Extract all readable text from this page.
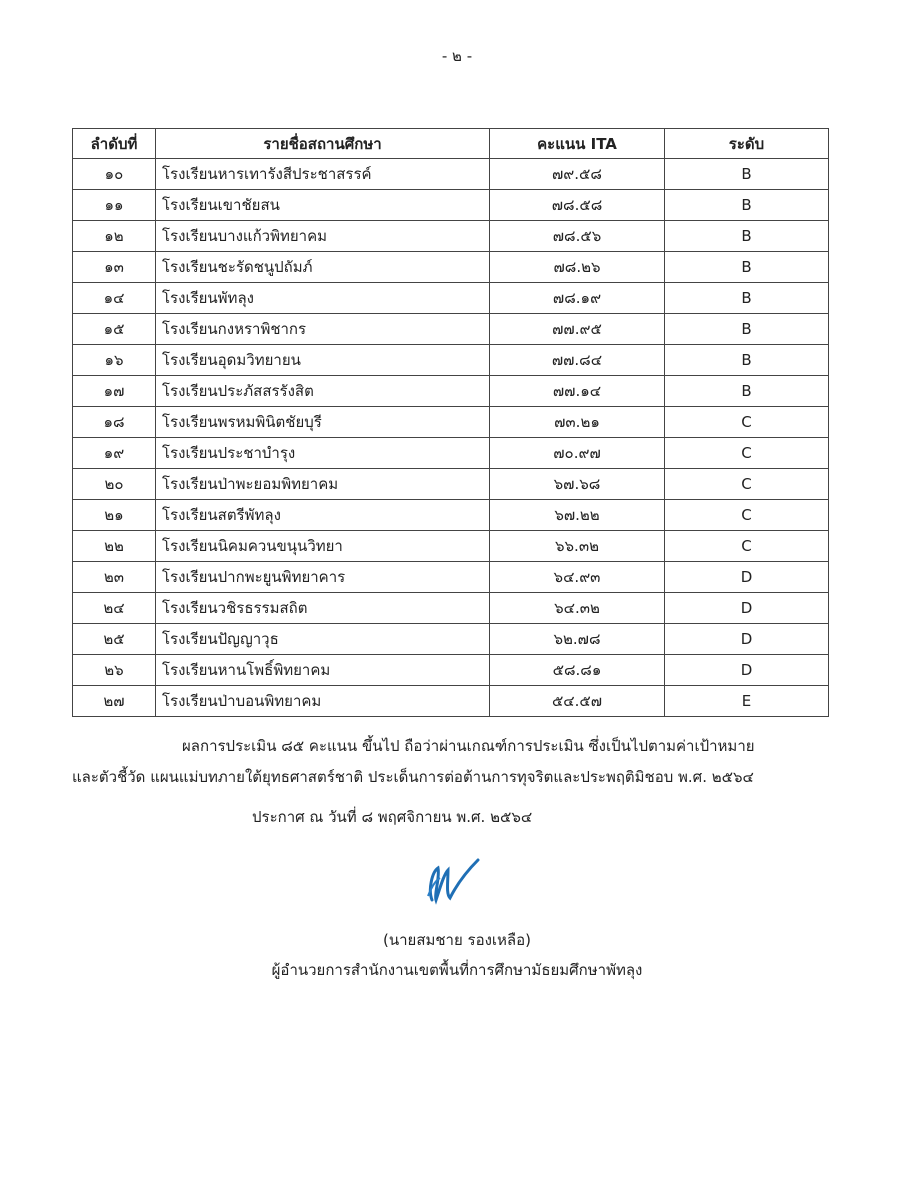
- ๒ -
ลำดับที่	รายชื่อสถานศึกษา	คะแนน ITA	ระดับ
๑๐	โรงเรียนหารเทารังสีประชาสรรค์	๗๙.๕๘	B
๑๑	โรงเรียนเขาชัยสน	๗๘.๕๘	B
๑๒	โรงเรียนบางแก้วพิทยาคม	๗๘.๕๖	B
๑๓	โรงเรียนชะรัดชนูปถัมภ์	๗๘.๒๖	B
๑๔	โรงเรียนพัทลุง	๗๘.๑๙	B
๑๕	โรงเรียนกงหราพิชากร	๗๗.๙๕	B
๑๖	โรงเรียนอุดมวิทยายน	๗๗.๘๔	B
๑๗	โรงเรียนประภัสสรรังสิต	๗๗.๑๔	B
๑๘	โรงเรียนพรหมพินิตชัยบุรี	๗๓.๒๑	C
๑๙	โรงเรียนประชาบำรุง	๗๐.๙๗	C
๒๐	โรงเรียนป่าพะยอมพิทยาคม	๖๗.๖๘	C
๒๑	โรงเรียนสตรีพัทลุง	๖๗.๒๒	C
๒๒	โรงเรียนนิคมควนขนุนวิทยา	๖๖.๓๒	C
๒๓	โรงเรียนปากพะยูนพิทยาคาร	๖๔.๙๓	D
๒๔	โรงเรียนวชิรธรรมสถิต	๖๔.๓๒	D
๒๕	โรงเรียนปัญญาวุธ	๖๒.๗๘	D
๒๖	โรงเรียนหานโพธิ์พิทยาคม	๕๘.๘๑	D
๒๗	โรงเรียนป่าบอนพิทยาคม	๕๔.๕๗	E
ผลการประเมิน ๘๕ คะแนน ขึ้นไป ถือว่าผ่านเกณฑ์การประเมิน ซึ่งเป็นไปตามค่าเป้าหมาย
และตัวชี้วัด แผนแม่บทภายใต้ยุทธศาสตร์ชาติ ประเด็นการต่อต้านการทุจริตและประพฤติมิชอบ พ.ศ. ๒๕๖๔
ประกาศ ณ วันที่ ๘ พฤศจิกายน พ.ศ. ๒๕๖๔
(นายสมชาย รองเหลือ)
ผู้อำนวยการสำนักงานเขตพื้นที่การศึกษามัธยมศึกษาพัทลุง
